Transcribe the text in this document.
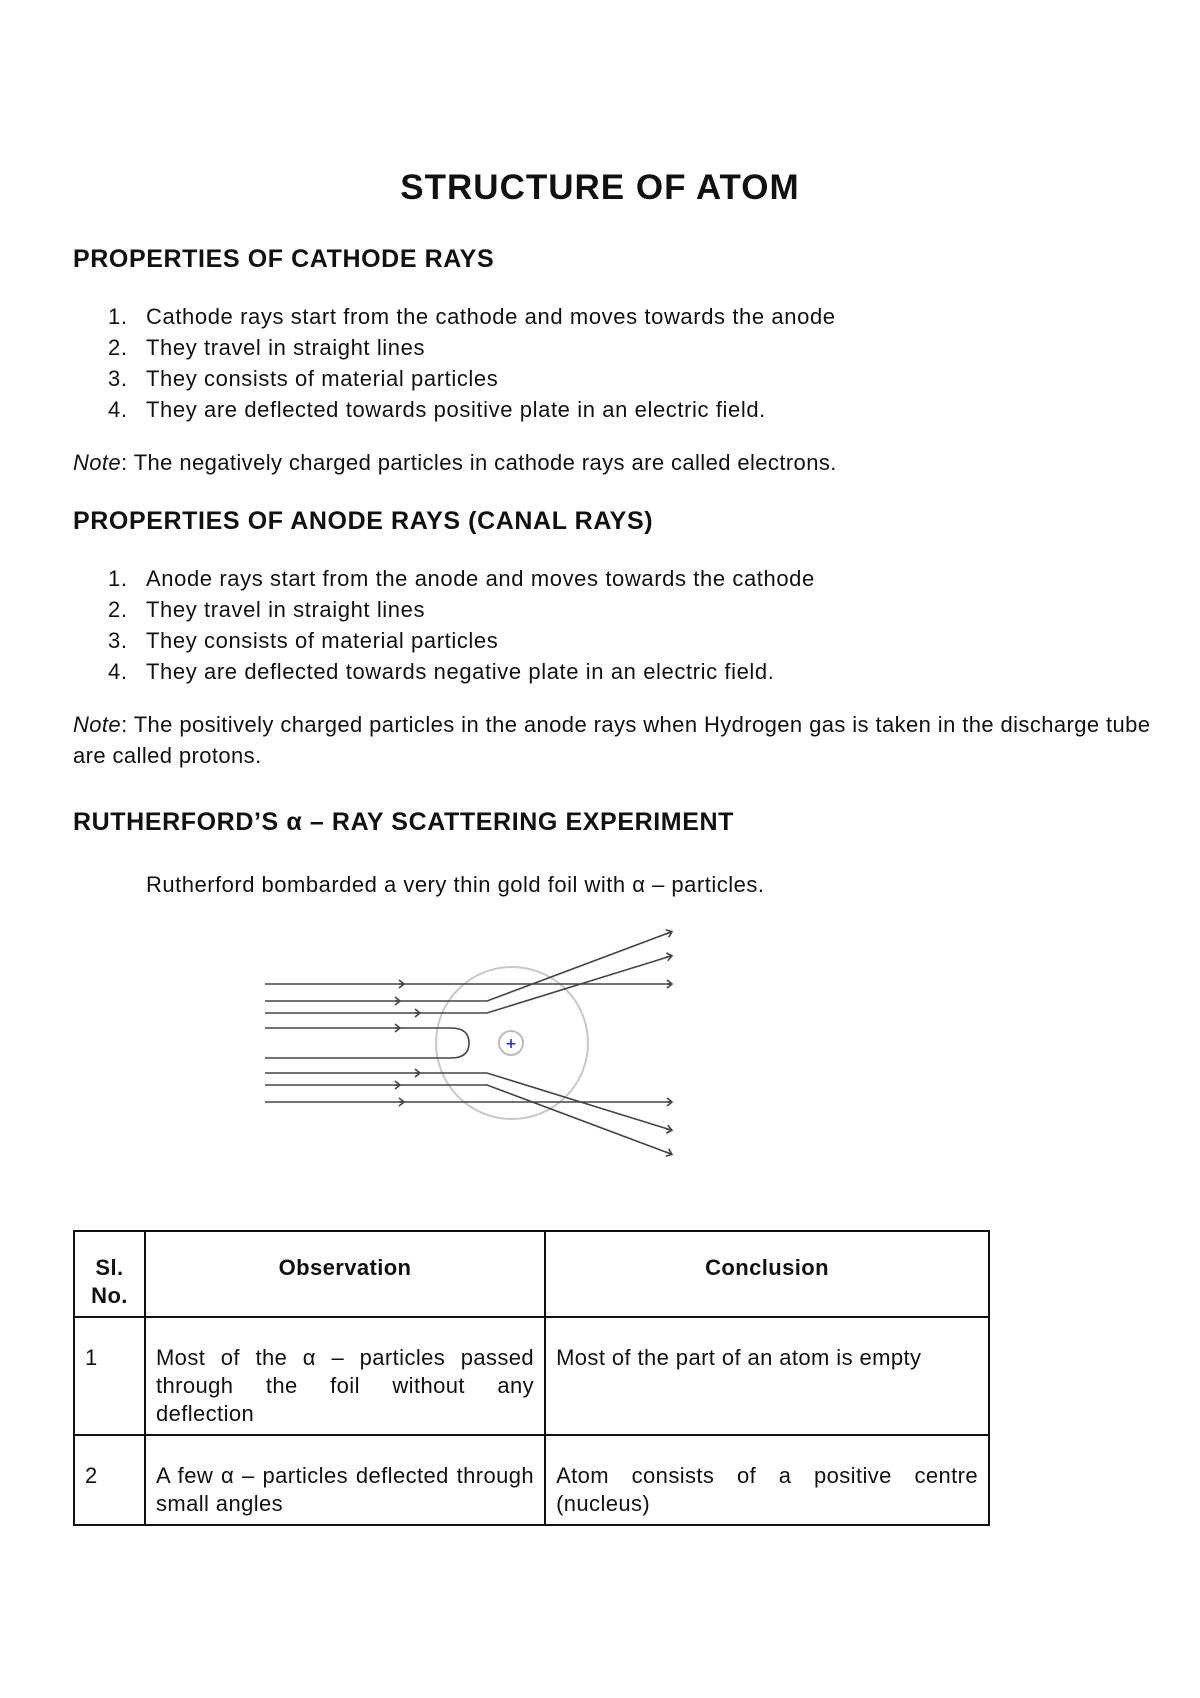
STRUCTURE OF ATOM
PROPERTIES OF CATHODE RAYS
1. Cathode rays start from the cathode and moves towards the anode
2. They travel in straight lines
3. They consists of material particles
4. They are deflected towards positive plate in an electric field.

Note: The negatively charged particles in cathode rays are called electrons.

PROPERTIES OF ANODE RAYS (CANAL RAYS)
1. Anode rays start from the anode and moves towards the cathode
2. They travel in straight lines
3. They consists of material particles
4. They are deflected towards negative plate in an electric field.

Note: The positively charged particles in the anode rays when Hydrogen gas is taken in the discharge tube are called protons.

RUTHERFORD’S α – RAY SCATTERING EXPERIMENT

Rutherford bombarded a very thin gold foil with α – particles.

+
Sl. No.	Observation	Conclusion
1	Most of the α – particles passed through the foil without any deflection	Most of the part of an atom is empty
2	A few α – particles deflected through small angles	Atom consists of a positive centre (nucleus)
